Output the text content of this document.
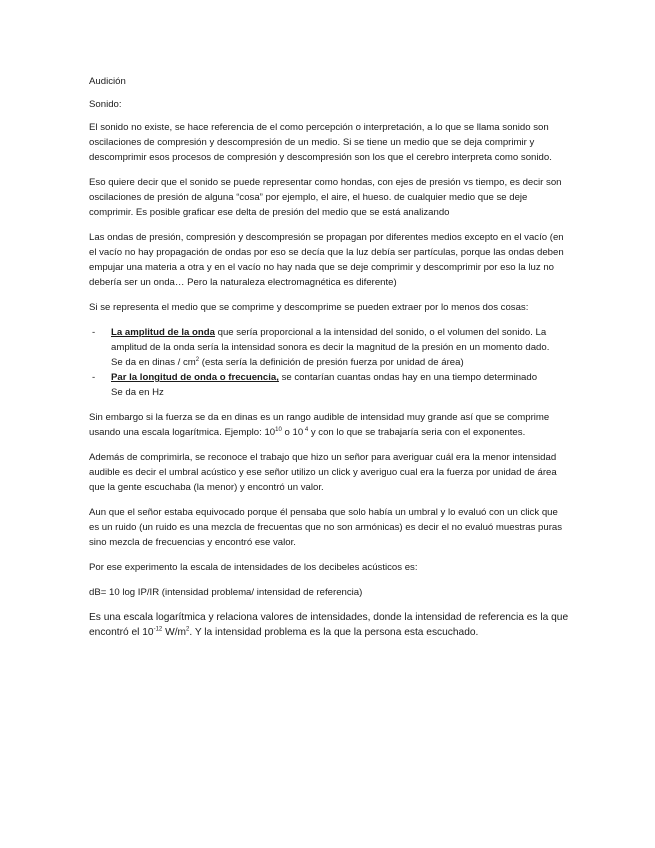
Audición

Sonido:

El sonido no existe, se hace referencia de el como percepción o interpretación, a lo que se llama sonido son oscilaciones de compresión y descompresión de un medio. Si se tiene un medio que se deja comprimir y descomprimir esos procesos de compresión y descompresión son los que el cerebro interpreta como sonido.

Eso quiere decir que el sonido se puede representar como hondas, con ejes de presión vs tiempo, es decir son oscilaciones de presión de alguna “cosa” por ejemplo, el aire, el hueso. de cualquier medio que se deje comprimir. Es posible graficar ese delta de presión del medio que se está analizando

Las ondas de presión, compresión y descompresión se propagan por diferentes medios excepto en el vacío (en el vacío no hay propagación de ondas por eso se decía que la luz debía ser partículas, porque las ondas deben empujar una materia a otra y en el vacío no hay nada que se deje comprimir y descomprimir por eso la luz no debería ser un onda… Pero la naturaleza electromagnética es diferente)

Si se representa el medio que se comprime y descomprime se pueden extraer por lo menos dos cosas:

- La amplitud de la onda que sería proporcional a la intensidad del sonido, o el volumen del sonido. La amplitud de la onda sería la intensidad sonora es decir la magnitud de la presión en un momento dado.
Se da en dinas / $cm^2$ (esta sería la definición de presión fuerza por unidad de área)
- Par la longitud de onda o frecuencia, se contarían cuantas ondas hay en una tiempo determinado
Se da en Hz

Sin embargo si la fuerza se da en dinas es un rango audible de intensidad muy grande así que se comprime usando una escala logarítmica. Ejemplo: $10^{10}$ o 10 $^4$ y con lo que se trabajaría seria con el exponentes.

Además de comprimirla, se reconoce el trabajo que hizo un señor para averiguar cuál era la menor intensidad audible es decir el umbral acústico y ese señor utilizo un click y averiguo cual era la fuerza por unidad de área que la gente escuchaba (la menor) y encontró un valor.

Aun que el señor estaba equivocado porque él pensaba que solo había un umbral y lo evaluó con un click que es un ruido (un ruido es una mezcla de frecuentas que no son armónicas) es decir el no evaluó muestras puras sino mezcla de frecuencias y encontró ese valor.

Por ese experimento la escala de intensidades de los decibeles acústicos es:

dB= 10 log IP/IR (intensidad problema/ intensidad de referencia)

Es una escala logarítmica y relaciona valores de intensidades, donde la intensidad de referencia es la que encontró el $10^{-12}$ $W/m^2$. Y la intensidad problema es la que la persona esta escuchado.
